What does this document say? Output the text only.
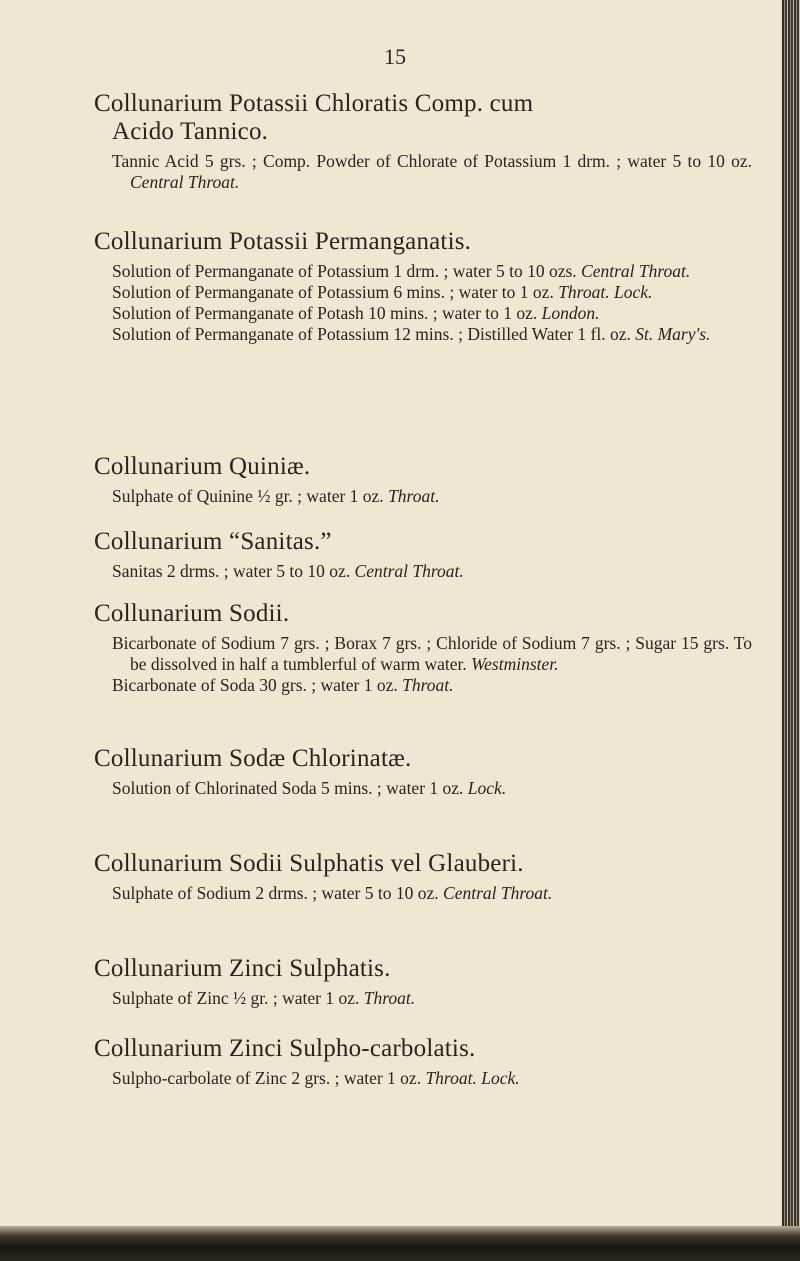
15

Collunarium Potassii Chloratis Comp. cum
Acido Tannico.

Tannic Acid 5 grs. ; Comp. Powder of Chlorate of Potassium 1 drm. ; water 5 to 10 oz. Central Throat.

Collunarium Potassii Permanganatis.

Solution of Permanganate of Potassium 1 drm. ; water 5 to 10 ozs. Central Throat.

Solution of Permanganate of Potassium 6 mins. ; water to 1 oz. Throat. Lock.

Solution of Permanganate of Potash 10 mins. ; water to 1 oz. London.

Solution of Permanganate of Potassium 12 mins. ; Distilled Water 1 fl. oz. St. Mary's.

Collunarium Quiniæ.

Sulphate of Quinine ½ gr. ; water 1 oz. Throat.

Collunarium “Sanitas.”

Sanitas 2 drms. ; water 5 to 10 oz. Central Throat.

Collunarium Sodii.

Bicarbonate of Sodium 7 grs. ; Borax 7 grs. ; Chloride of Sodium 7 grs. ; Sugar 15 grs. To be dissolved in half a tumblerful of warm water. Westminster.

Bicarbonate of Soda 30 grs. ; water 1 oz. Throat.

Collunarium Sodæ Chlorinatæ.

Solution of Chlorinated Soda 5 mins. ; water 1 oz. Lock.

Collunarium Sodii Sulphatis vel Glauberi.

Sulphate of Sodium 2 drms. ; water 5 to 10 oz. Central Throat.

Collunarium Zinci Sulphatis.

Sulphate of Zinc ½ gr. ; water 1 oz. Throat.

Collunarium Zinci Sulpho-carbolatis.

Sulpho-carbolate of Zinc 2 grs. ; water 1 oz. Throat. Lock.
